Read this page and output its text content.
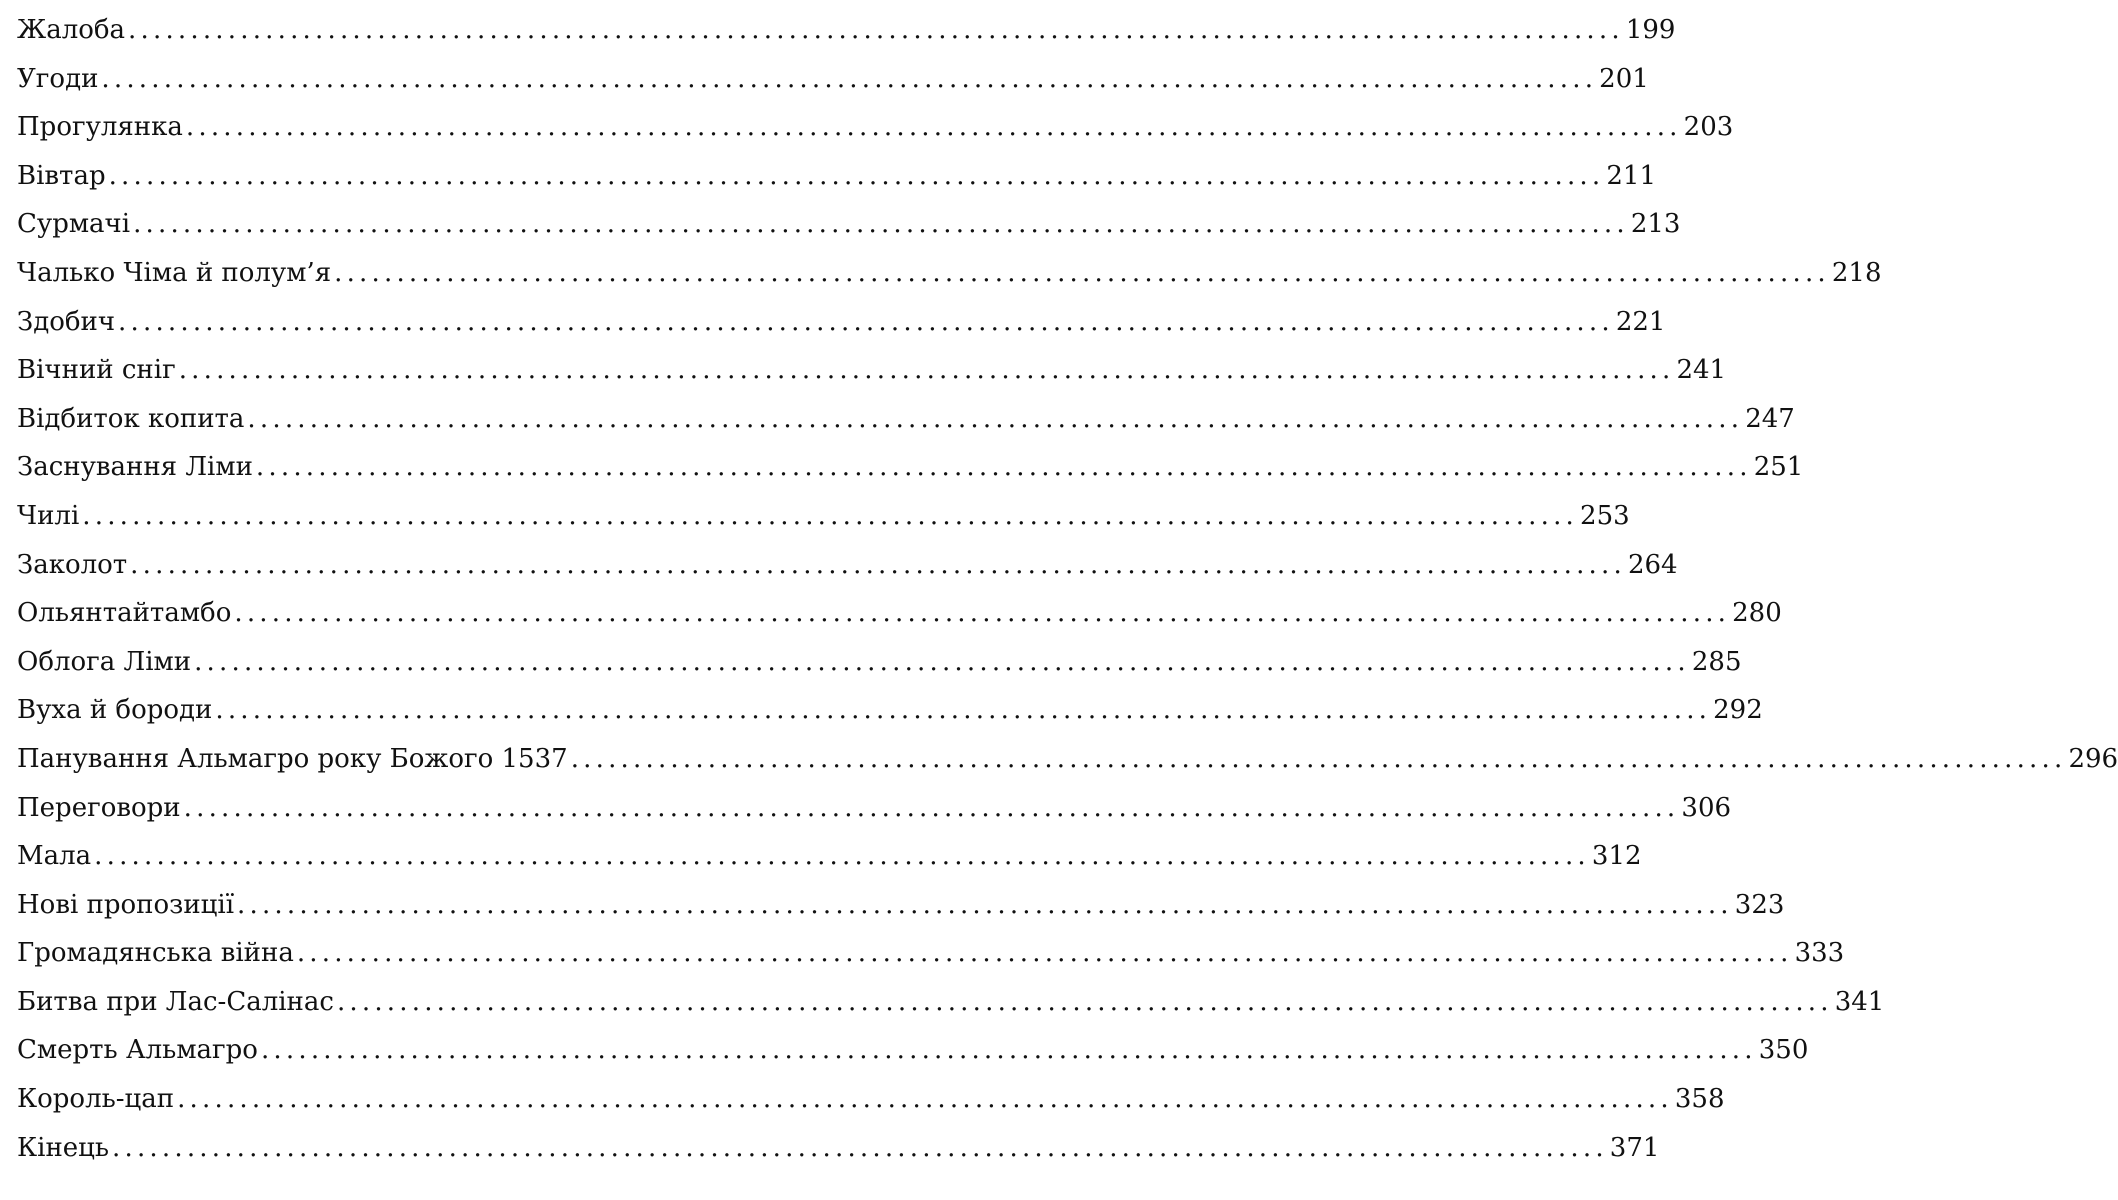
Жалоба ........................................................................................................................ 199
Угоди ........................................................................................................................ 201
Прогулянка ........................................................................................................................ 203
Вівтар ........................................................................................................................ 211
Сурмачі ........................................................................................................................ 213
Чалько Чіма й полум’я ........................................................................................................................ 218
Здобич ........................................................................................................................ 221
Вічний сніг ........................................................................................................................ 241
Відбиток копита ........................................................................................................................ 247
Заснування Ліми ........................................................................................................................ 251
Чилі ........................................................................................................................ 253
Заколот ........................................................................................................................ 264
Ольянтайтамбо ........................................................................................................................ 280
Облога Ліми ........................................................................................................................ 285
Вуха й бороди ........................................................................................................................ 292
Панування Альмагро року Божого 1537 ........................................................................................................................ 296
Переговори ........................................................................................................................ 306
Мала ........................................................................................................................ 312
Нові пропозиції ........................................................................................................................ 323
Громадянська війна ........................................................................................................................ 333
Битва при Лас-Салінас ........................................................................................................................ 341
Смерть Альмагро ........................................................................................................................ 350
Король-цап ........................................................................................................................ 358
Кінець ........................................................................................................................ 371
